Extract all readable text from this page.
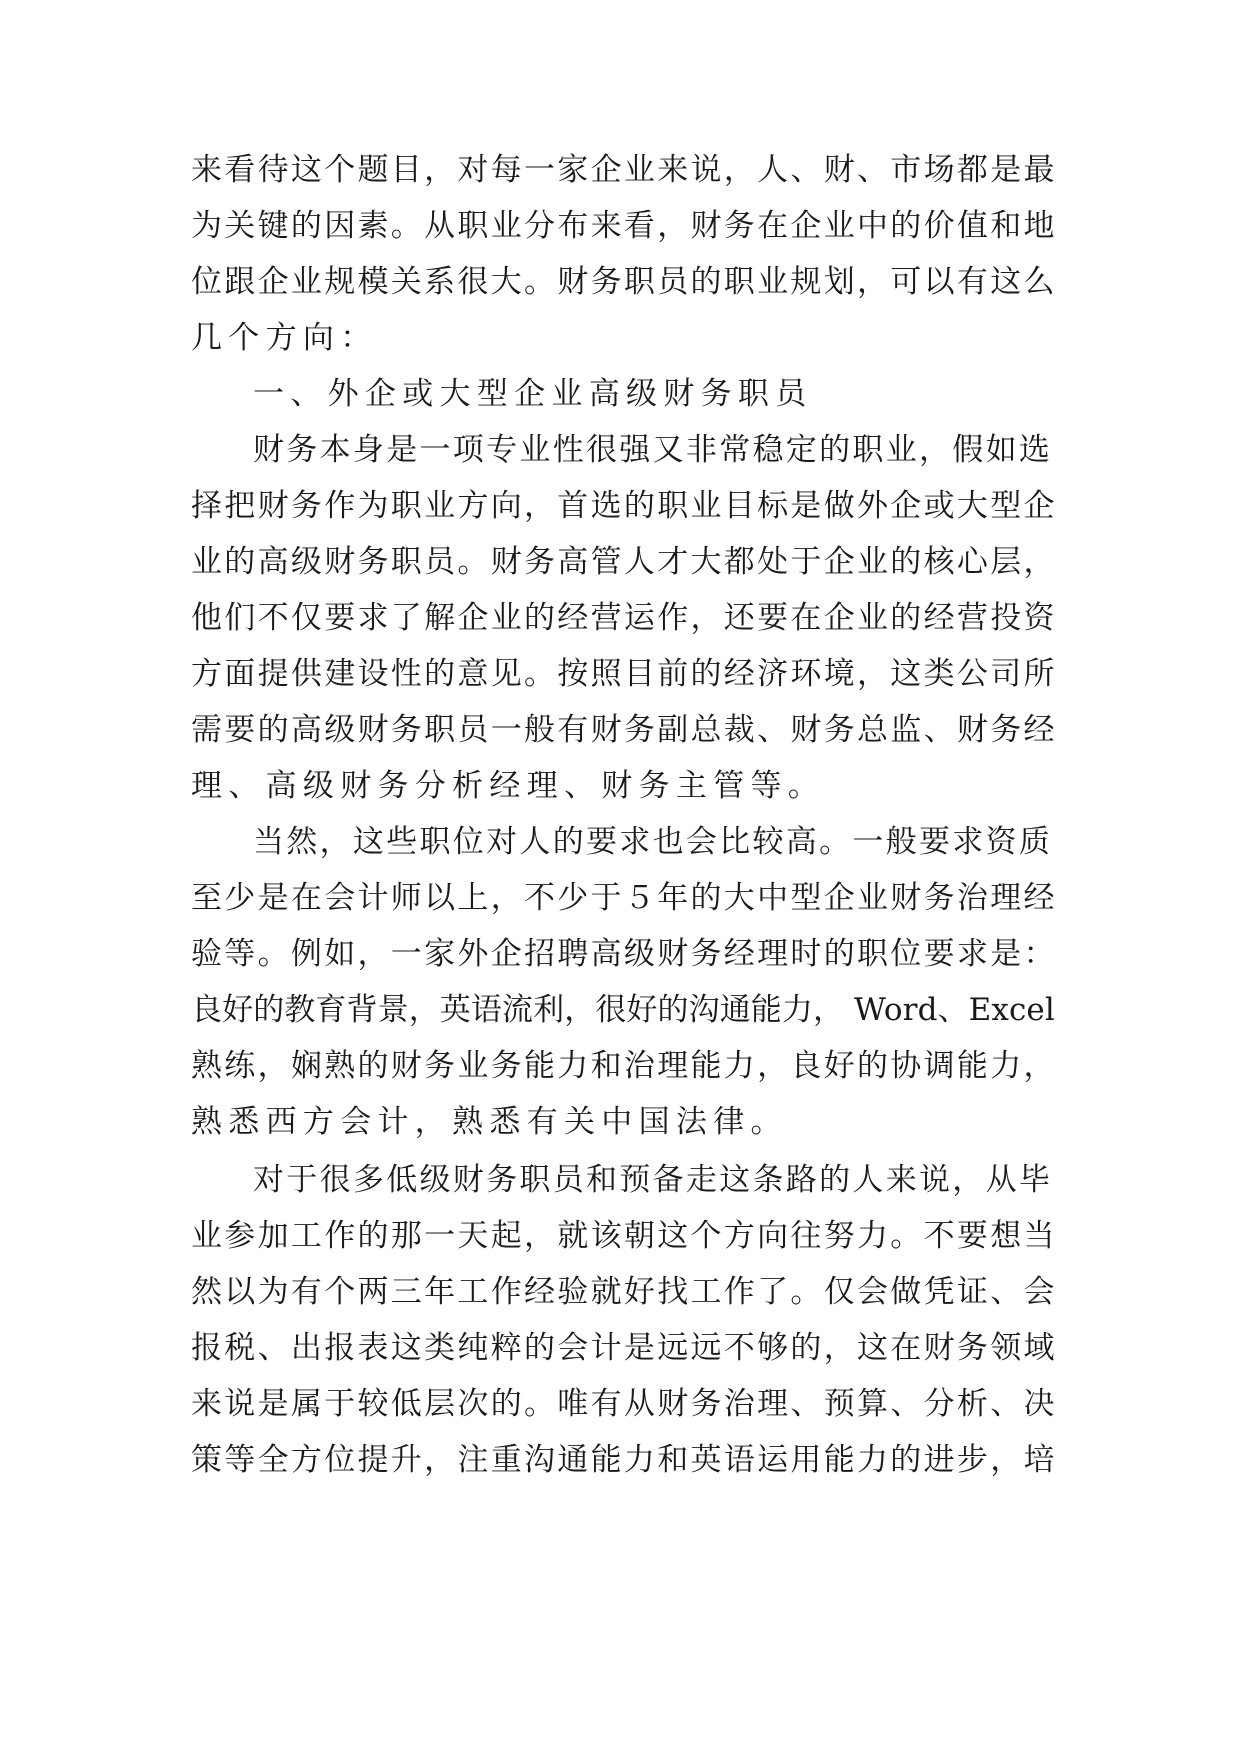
来看待这个题目，对每一家企业来说，人、财、市场都是最
为关键的因素。从职业分布来看，财务在企业中的价值和地
位跟企业规模关系很大。财务职员的职业规划，可以有这么
几个方向：
一、外企或大型企业高级财务职员
财务本身是一项专业性很强又非常稳定的职业，假如选
择把财务作为职业方向，首选的职业目标是做外企或大型企
业的高级财务职员。财务高管人才大都处于企业的核心层，
他们不仅要求了解企业的经营运作，还要在企业的经营投资
方面提供建设性的意见。按照目前的经济环境，这类公司所
需要的高级财务职员一般有财务副总裁、财务总监、财务经
理、高级财务分析经理、财务主管等。
当然，这些职位对人的要求也会比较高。一般要求资质
至少是在会计师以上，不少于５年的大中型企业财务治理经
验等。例如，一家外企招聘高级财务经理时的职位要求是：
良好的教育背景，英语流利，很好的沟通能力， Word、Excel
熟练，娴熟的财务业务能力和治理能力，良好的协调能力，
熟悉西方会计，熟悉有关中国法律。
对于很多低级财务职员和预备走这条路的人来说，从毕
业参加工作的那一天起，就该朝这个方向往努力。不要想当
然以为有个两三年工作经验就好找工作了。仅会做凭证、会
报税、出报表这类纯粹的会计是远远不够的，这在财务领域
来说是属于较低层次的。唯有从财务治理、预算、分析、决
策等全方位提升，注重沟通能力和英语运用能力的进步，培
